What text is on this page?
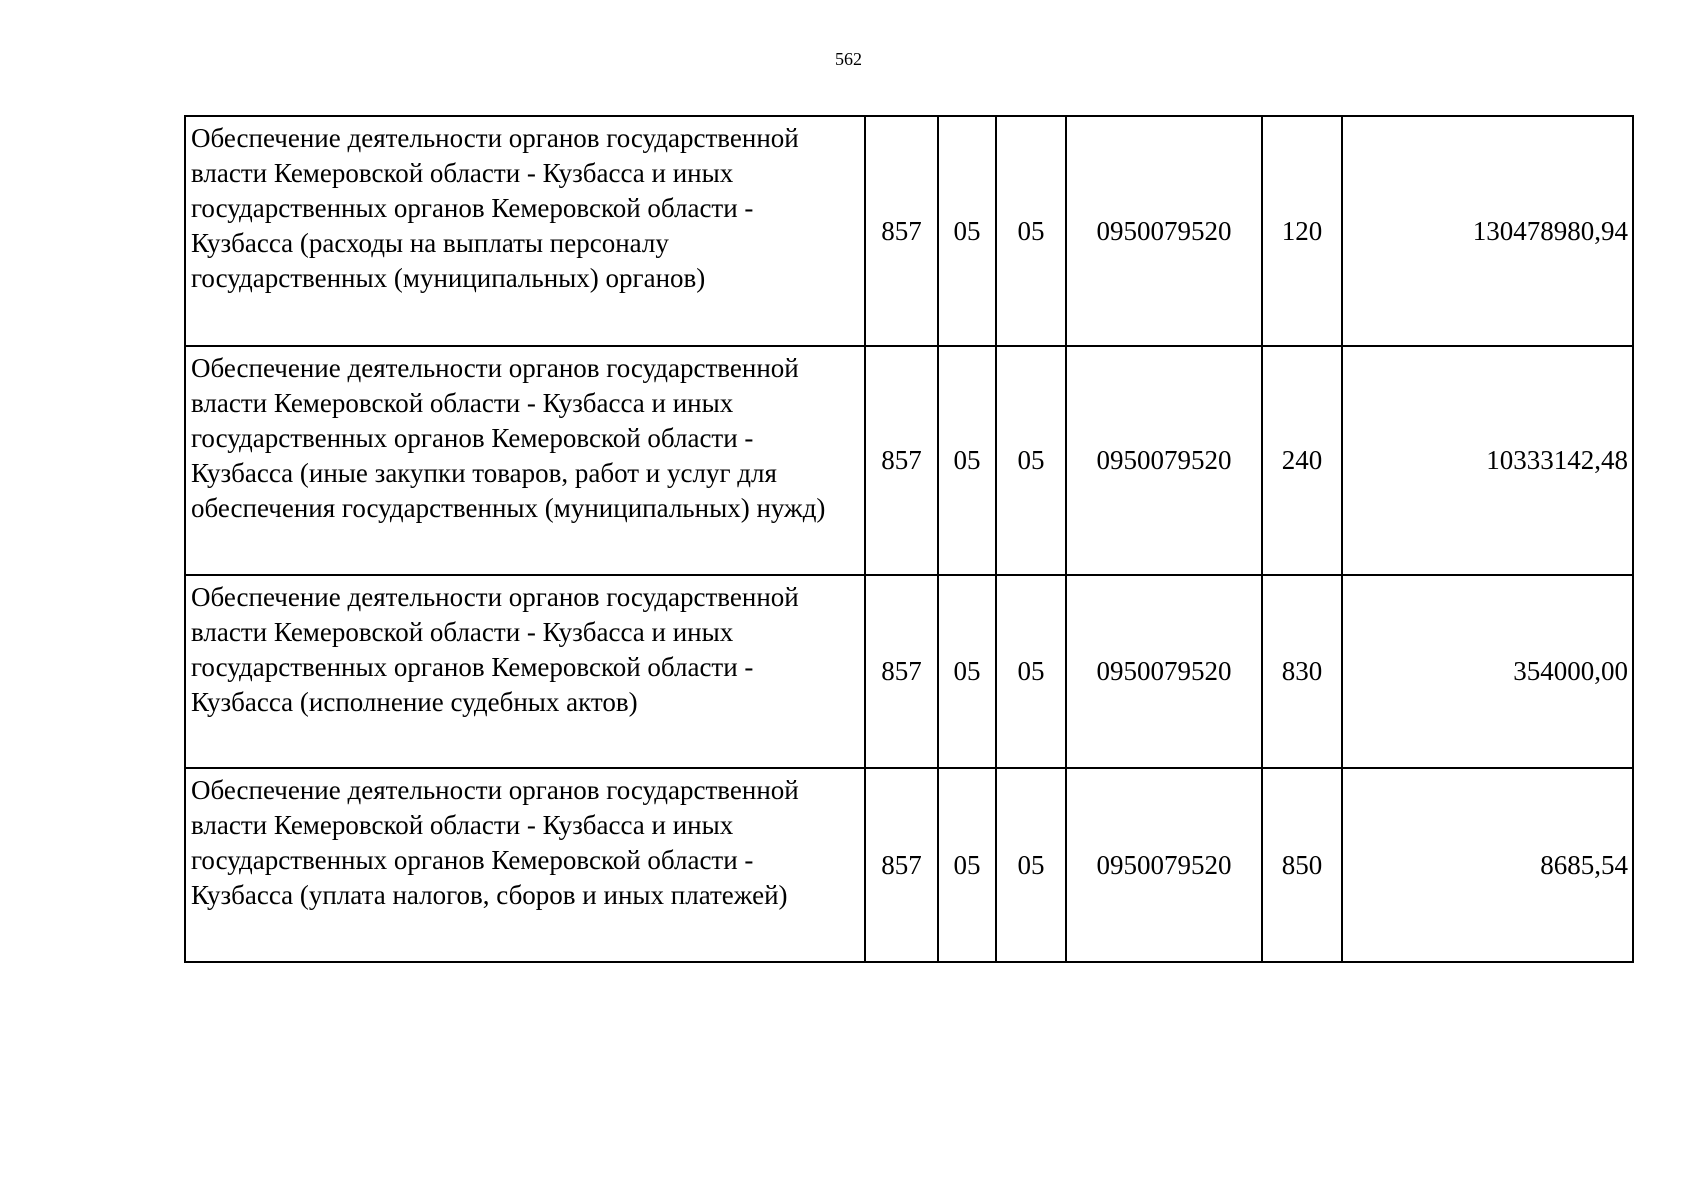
562
Обеспечение деятельности органов государственной власти Кемеровской области - Кузбасса и иных государственных органов Кемеровской области - Кузбасса (расходы на выплаты персоналу государственных (муниципальных) органов)	857	05	05	0950079520	120	130478980,94
Обеспечение деятельности органов государственной власти Кемеровской области - Кузбасса и иных государственных органов Кемеровской области - Кузбасса (иные закупки товаров, работ и услуг для обеспечения государственных (муниципальных) нужд)	857	05	05	0950079520	240	10333142,48
Обеспечение деятельности органов государственной власти Кемеровской области - Кузбасса и иных государственных органов Кемеровской области - Кузбасса (исполнение судебных актов)	857	05	05	0950079520	830	354000,00
Обеспечение деятельности органов государственной власти Кемеровской области - Кузбасса и иных государственных органов Кемеровской области - Кузбасса (уплата налогов, сборов и иных платежей)	857	05	05	0950079520	850	8685,54
